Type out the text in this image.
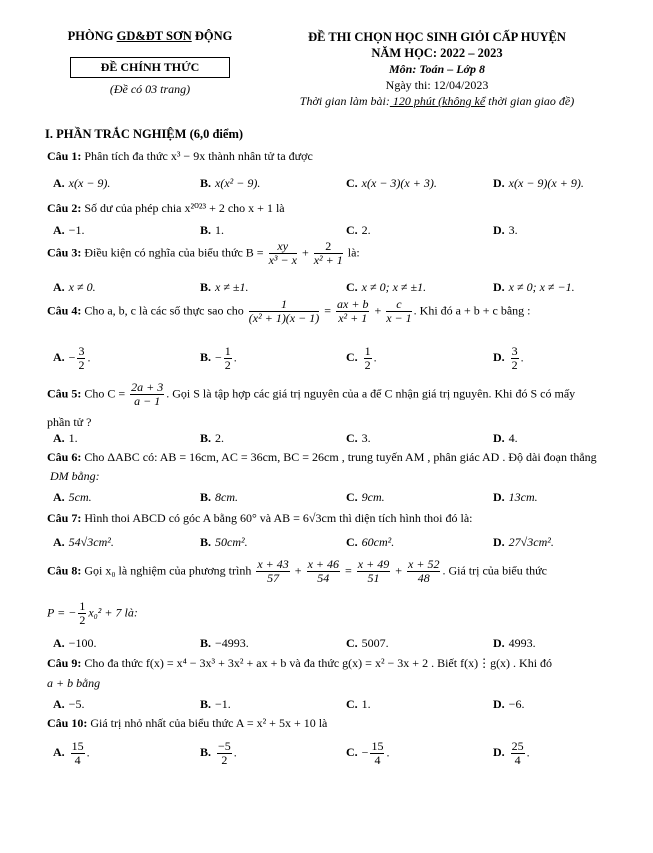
PHÒNG GD&ĐT SƠN ĐỘNG
ĐỀ CHÍNH THỨC
(Đề có 03 trang)
ĐỀ THI CHỌN HỌC SINH GIỎI CẤP HUYỆN
NĂM HỌC: 2022 – 2023
Môn: Toán – Lớp 8
Ngày thi: 12/04/2023
Thời gian làm bài: 120 phút (không kể thời gian giao đề)
I. PHẦN TRẮC NGHIỆM (6,0 điểm)
Câu 1: Phân tích đa thức x³ − 9x thành nhân tử ta được
A. x(x − 9).	B. x(x² − 9).	C. x(x − 3)(x + 3).	D. x(x − 9)(x + 9).
Câu 2: Số dư của phép chia x²⁰²³ + 2 cho x + 1 là
A. −1.	B. 1.	C. 2.	D. 3.
Câu 3: Điều kiện có nghĩa của biểu thức $B = \frac{xy}{\text{x³ − x}} + \frac{2}{\text{x² + 1}}$ là:
A. x ≠ 0.	B. x ≠ ±1.	C. x ≠ 0; x ≠ ±1.	D. x ≠ 0; x ≠ −1.
Câu 4: Cho a, b, c là các số thực sao cho $\frac{1}{\text{(x² + 1)(x − 1)}} = \frac{ax + b}{\text{x² + 1}} + \frac{c}{x - 1}$ . Khi đó a + b + c bằng :
A. − $\frac{3}{2}$ .	B. − $\frac{1}{2}$ .	C. $\frac{1}{2}$ .	D. $\frac{3}{2}$ .
Câu 5: Cho $C = \frac{2a + 3}{a - 1}$ . Gọi S là tập hợp các giá trị nguyên của a để C nhận giá trị nguyên. Khi đó S có mấy
phần tử ?
A. 1.	B. 2.	C. 3.	D. 4.
Câu 6: Cho ΔABC có: AB = 16cm, AC = 36cm, BC = 26cm , trung tuyến AM , phân giác AD . Độ dài đoạn thẳng
DM bằng:
A. 5cm.	B. 8cm.	C. 9cm.	D. 13cm.
Câu 7: Hình thoi ABCD có góc A bằng 60° và AB = 6√3cm thì diện tích hình thoi đó là:
A. 54√3cm².	B. 50cm².	C. 60cm².	D. 27√3cm².
Câu 8: Gọi x₀ là nghiệm của phương trình $\frac{x + 43}{57} + \frac{x + 46}{54} = \frac{x + 49}{51} + \frac{x + 52}{48}$ . Giá trị của biểu thức
P = − $\frac{1}{2} x_0^2 + 7$ là:
A. −100.	B. −4993.	C. 5007.	D. 4993.
Câu 9: Cho đa thức f(x) = x⁴ − 3x³ + 3x² + ax + b và đa thức g(x) = x² − 3x + 2 . Biết f(x)⋮g(x) . Khi đó
a + b bằng
A. −5.	B. −1.	C. 1.	D. −6.
Câu 10: Giá trị nhỏ nhất của biểu thức A = x² + 5x + 10 là
A. $\frac{15}{4}$ .	B. $\frac{-5}{2}$ .	C. − $\frac{15}{4}$ .	D. $\frac{25}{4}$ .
